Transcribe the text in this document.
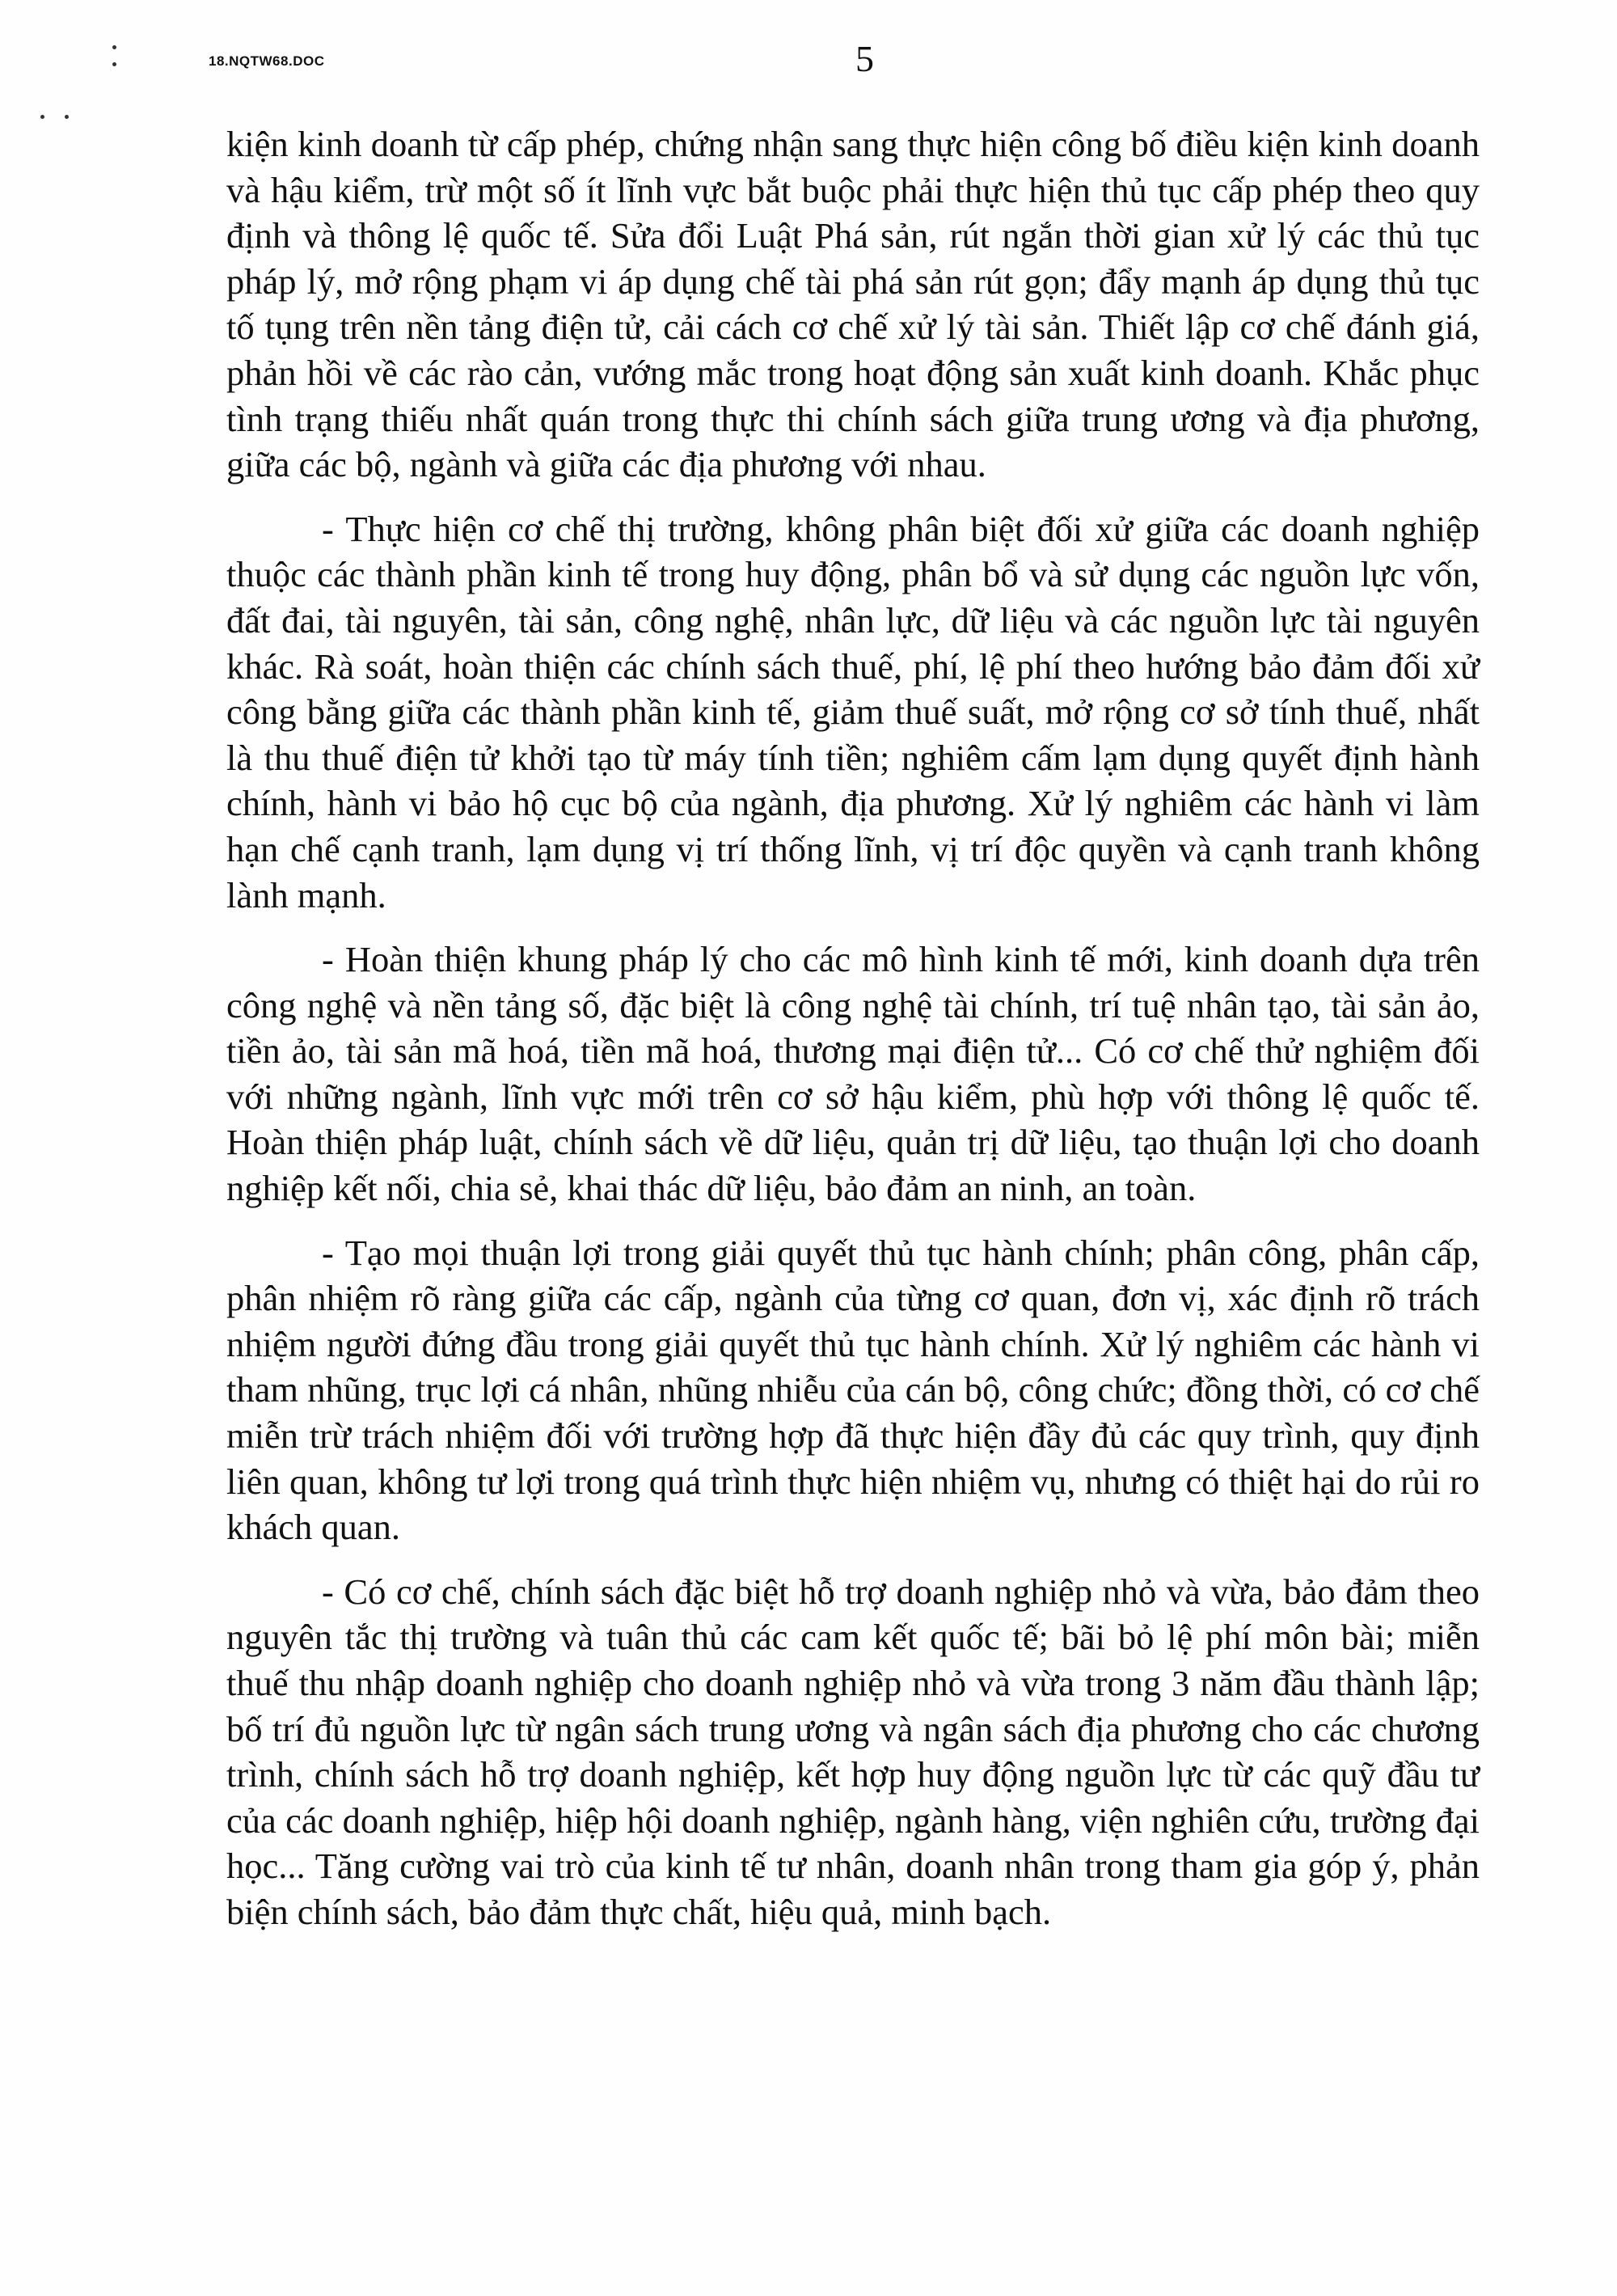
18.NQTW68.DOC	5

kiện kinh doanh từ cấp phép, chứng nhận sang thực hiện công bố điều kiện kinh doanh và hậu kiểm, trừ một số ít lĩnh vực bắt buộc phải thực hiện thủ tục cấp phép theo quy định và thông lệ quốc tế. Sửa đổi Luật Phá sản, rút ngắn thời gian xử lý các thủ tục pháp lý, mở rộng phạm vi áp dụng chế tài phá sản rút gọn; đẩy mạnh áp dụng thủ tục tố tụng trên nền tảng điện tử, cải cách cơ chế xử lý tài sản. Thiết lập cơ chế đánh giá, phản hồi về các rào cản, vướng mắc trong hoạt động sản xuất kinh doanh. Khắc phục tình trạng thiếu nhất quán trong thực thi chính sách giữa trung ương và địa phương, giữa các bộ, ngành và giữa các địa phương với nhau.

- Thực hiện cơ chế thị trường, không phân biệt đối xử giữa các doanh nghiệp thuộc các thành phần kinh tế trong huy động, phân bổ và sử dụng các nguồn lực vốn, đất đai, tài nguyên, tài sản, công nghệ, nhân lực, dữ liệu và các nguồn lực tài nguyên khác. Rà soát, hoàn thiện các chính sách thuế, phí, lệ phí theo hướng bảo đảm đối xử công bằng giữa các thành phần kinh tế, giảm thuế suất, mở rộng cơ sở tính thuế, nhất là thu thuế điện tử khởi tạo từ máy tính tiền; nghiêm cấm lạm dụng quyết định hành chính, hành vi bảo hộ cục bộ của ngành, địa phương. Xử lý nghiêm các hành vi làm hạn chế cạnh tranh, lạm dụng vị trí thống lĩnh, vị trí độc quyền và cạnh tranh không lành mạnh.

- Hoàn thiện khung pháp lý cho các mô hình kinh tế mới, kinh doanh dựa trên công nghệ và nền tảng số, đặc biệt là công nghệ tài chính, trí tuệ nhân tạo, tài sản ảo, tiền ảo, tài sản mã hoá, tiền mã hoá, thương mại điện tử... Có cơ chế thử nghiệm đối với những ngành, lĩnh vực mới trên cơ sở hậu kiểm, phù hợp với thông lệ quốc tế. Hoàn thiện pháp luật, chính sách về dữ liệu, quản trị dữ liệu, tạo thuận lợi cho doanh nghiệp kết nối, chia sẻ, khai thác dữ liệu, bảo đảm an ninh, an toàn.

- Tạo mọi thuận lợi trong giải quyết thủ tục hành chính; phân công, phân cấp, phân nhiệm rõ ràng giữa các cấp, ngành của từng cơ quan, đơn vị, xác định rõ trách nhiệm người đứng đầu trong giải quyết thủ tục hành chính. Xử lý nghiêm các hành vi tham nhũng, trục lợi cá nhân, nhũng nhiễu của cán bộ, công chức; đồng thời, có cơ chế miễn trừ trách nhiệm đối với trường hợp đã thực hiện đầy đủ các quy trình, quy định liên quan, không tư lợi trong quá trình thực hiện nhiệm vụ, nhưng có thiệt hại do rủi ro khách quan.

- Có cơ chế, chính sách đặc biệt hỗ trợ doanh nghiệp nhỏ và vừa, bảo đảm theo nguyên tắc thị trường và tuân thủ các cam kết quốc tế; bãi bỏ lệ phí môn bài; miễn thuế thu nhập doanh nghiệp cho doanh nghiệp nhỏ và vừa trong 3 năm đầu thành lập; bố trí đủ nguồn lực từ ngân sách trung ương và ngân sách địa phương cho các chương trình, chính sách hỗ trợ doanh nghiệp, kết hợp huy động nguồn lực từ các quỹ đầu tư của các doanh nghiệp, hiệp hội doanh nghiệp, ngành hàng, viện nghiên cứu, trường đại học... Tăng cường vai trò của kinh tế tư nhân, doanh nhân trong tham gia góp ý, phản biện chính sách, bảo đảm thực chất, hiệu quả, minh bạch.
